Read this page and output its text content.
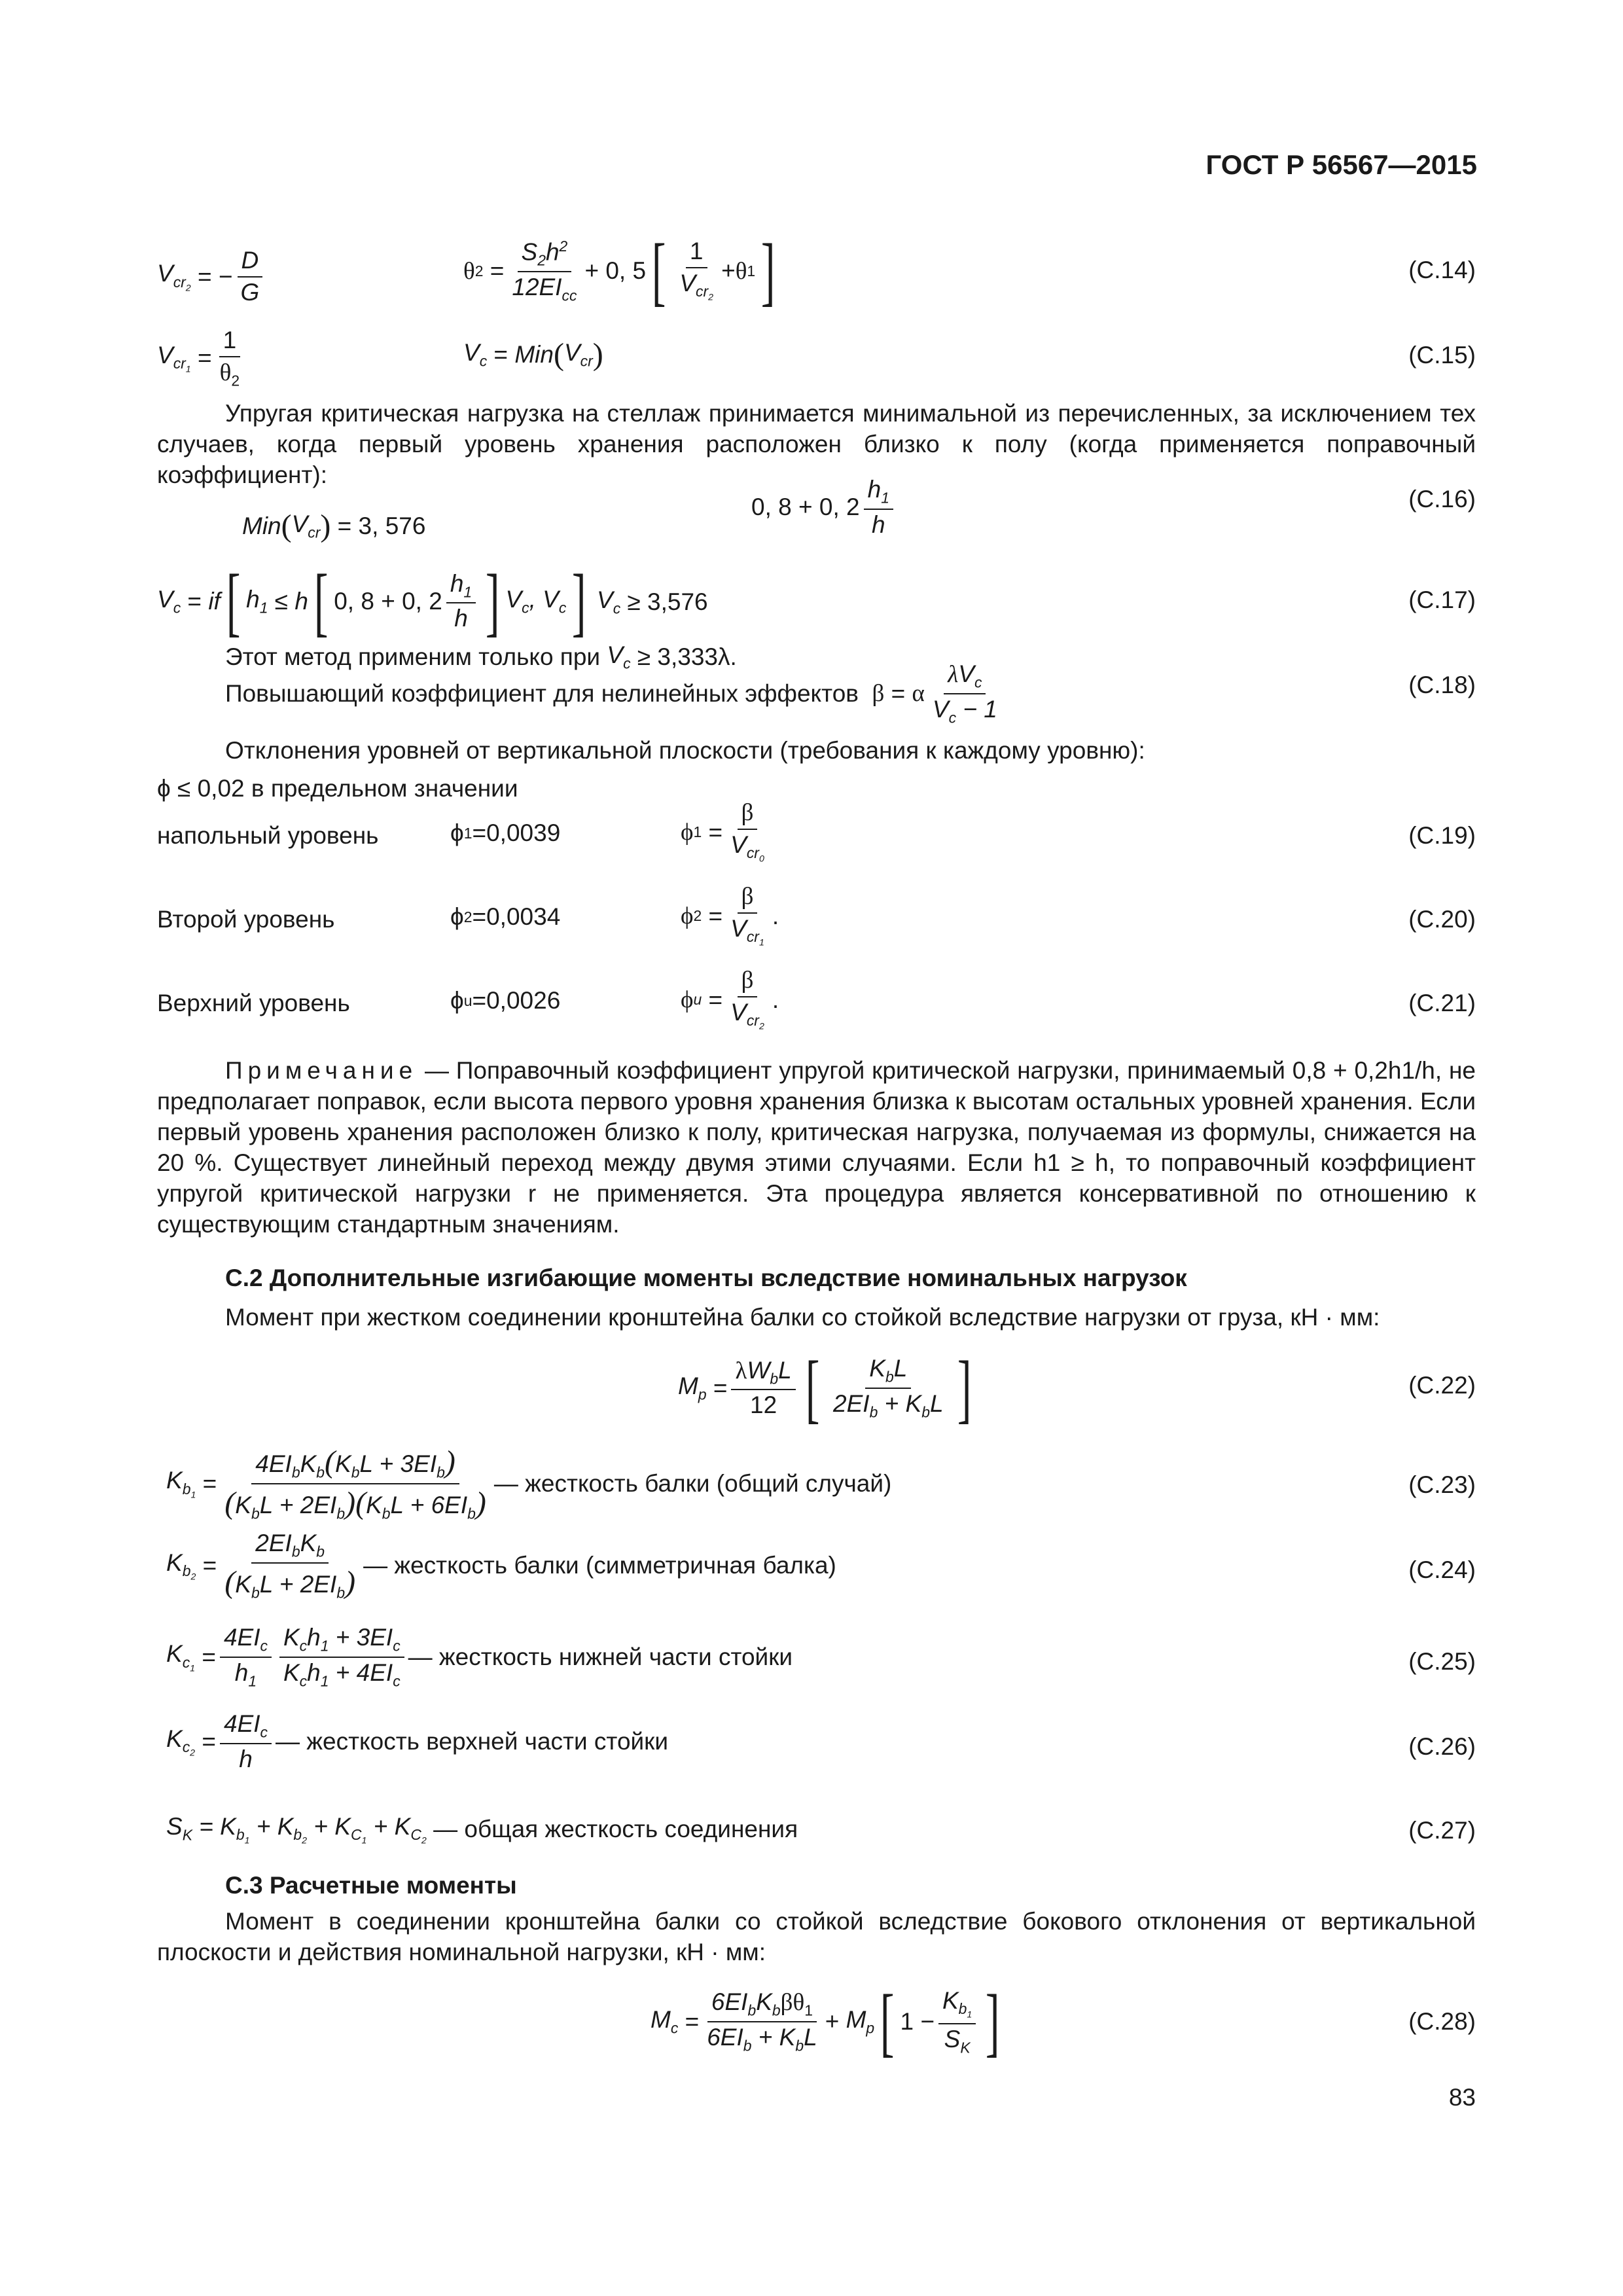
ГОСТ Р 56567—2015
$V_{cr_2}$ = − $\frac{D}{G}$	θ $2 = \frac{S_2h^2}{12EI_{cc}} + 0$, 5 [ $\frac{1}{V_{cr_2}} + \theta$ 1 ]	(С.14)
$V_{cr_1} = \frac{1}{\theta_2}$	$V_c$ = Min ( $V_{cr}$ )	(С.15)
Упругая критическая нагрузка на стеллаж принимается минимальной из перечисленных, за исключением тех случаев, когда первый уровень хранения расположен близко к полу (когда применяется поправочный коэффициент):
0, 8 + 0, $2 \frac{h_1}{h}$	(С.16)
Min ( $V_{cr}$ )
= 3, 576
$V_c$ = if [ $h_1 \le h$ [ 0, 8 + 0, $2 \frac{h_1}{h}$ ] $V_c$, $V_c$ ] $V_c$
≥ 3,576	(С.17)
Этот метод применим только при
$V_c$
≥ 3,333λ.
Повышающий коэффициент для нелинейных эффектов
β = α $\frac{\lambda V_c}{V_c - 1}$	(С.18)
Отклонения уровней от вертикальной плоскости (требования к каждому уровню):
ϕ ≤ 0,02 в предельном значении
напольный уровень	ϕ 1 =0,0039	ϕ $1 = \frac{\beta}{V_{cr_0}}$	(С.19)
Второй уровень	ϕ 2 =0,0034	ϕ $2 = \frac{\beta}{V_{cr_1}}$ .	(С.20)
Верхний уровень	ϕ u =0,0026	ϕ $u = \frac{\beta}{V_{cr_2}}$ .	(С.21)
Примечание — Поправочный коэффициент упругой критической нагрузки, принимаемый 0,8 + 0,2h1/h, не предполагает поправок, если высота первого уровня хранения близка к высотам остальных уровней хранения. Если первый уровень хранения расположен близко к полу, критическая нагрузка, получаемая из формулы, снижается на 20 %. Существует линейный переход между двумя этими случаями. Если h1 ≥ h, то поправочный коэффициент упругой критической нагрузки r не применяется. Эта процедура является консервативной по отношению к существующим стандартным значениям.
С.2 Дополнительные изгибающие моменты вследствие номинальных нагрузок
Момент при жестком соединении кронштейна балки со стойкой вследствие нагрузки от груза, кН · мм:
$M_p = \frac{\lambda W_bL}{12}$ [ $\frac{K_bL}{2EI_b + K_bL}$ ]	(С.22)
$K_{b_1} = \frac{4EI_bK_b(K_bL + 3EI_b)}{(K_bL + 2EI_b)(K_bL + 6EI_b)}$ — жесткость балки (общий случай)	(С.23)
$K_{b_2} = \frac{2EI_bK_b}{(K_bL + 2EI_b)}$ — жесткость балки (симметричная балка)	(С.24)
$K_{c_1} = \frac{4EI_c}{h_1} \frac{K_ch_1 + 3EI_c}{K_ch_1 + 4EI_c}$ — жесткость нижней части стойки	(С.25)
$K_{c_2} = \frac{4EI_c}{h}$ — жесткость верхней части стойки	(С.26)
$S_K = K_{b_1} + K_{b_2} + K_{C_1} + K_{C_2}$
— общая жесткость соединения	(С.27)
С.3 Расчетные моменты
Момент в соединении кронштейна балки со стойкой вследствие бокового отклонения от вертикальной плоскости и действия номинальной нагрузки, кН · мм:
$M_c = \frac{6EI_bK_b\beta\theta_1}{6EI_b + K_bL} + M_p$ [ $1 - \frac{K_{b_1}}{S_K}$ ]	(С.28)
83
